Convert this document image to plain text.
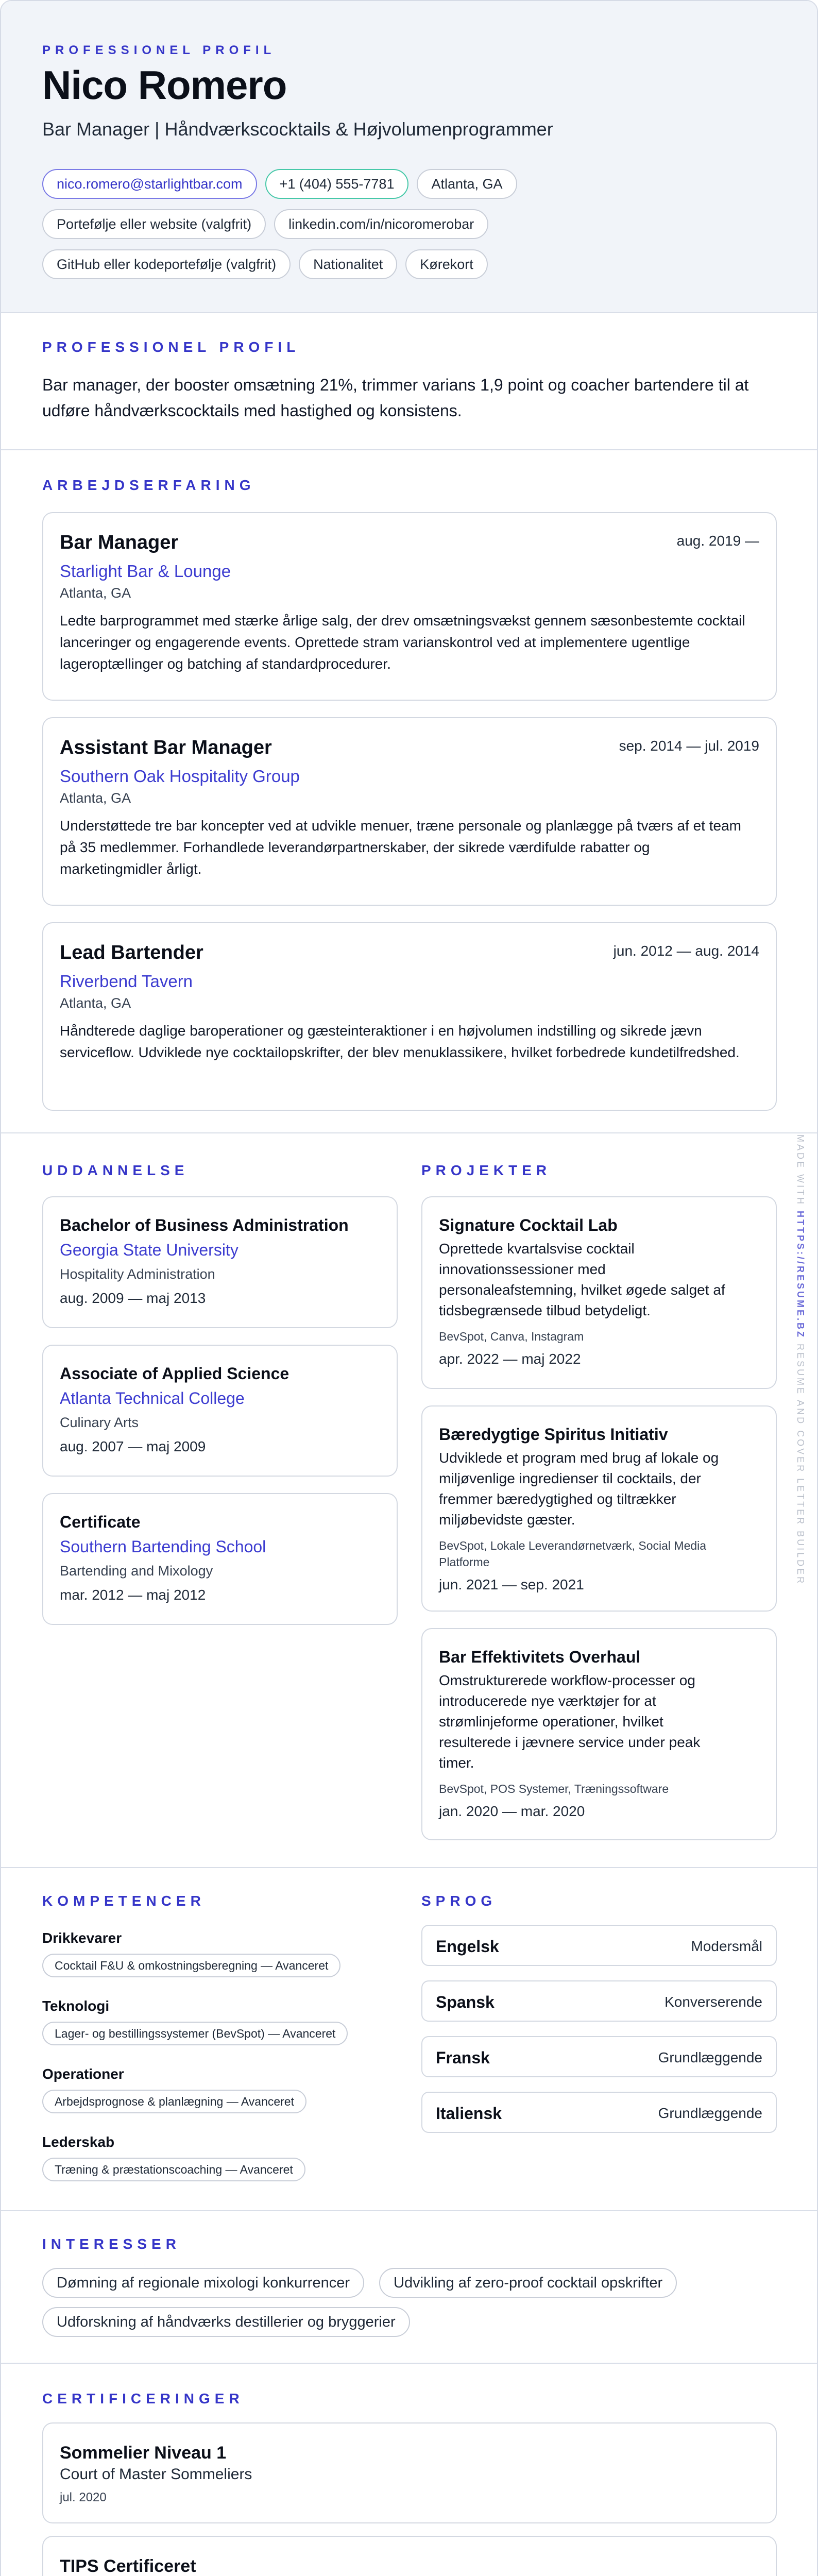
PROFESSIONEL PROFIL
Nico Romero
Bar Manager | Håndværkscocktails & Højvolumenprogrammer
nico.romero@starlightbar.com	+1 (404) 555-7781	Atlanta, GA
Portefølje eller website (valgfrit)	linkedin.com/in/nicoromerobar
GitHub eller kodeportefølje (valgfrit)	Nationalitet	Kørekort
PROFESSIONEL PROFIL
Bar manager, der booster omsætning 21%, trimmer varians 1,9 point og coacher bartendere til at udføre håndværkscocktails med hastighed og konsistens.
ARBEJDSERFARING
Bar Manager	aug. 2019 —
Starlight Bar & Lounge
Atlanta, GA
Ledte barprogrammet med stærke årlige salg, der drev omsætningsvækst gennem sæsonbestemte cocktail lanceringer og engagerende events. Oprettede stram varianskontrol ved at implementere ugentlige lageroptællinger og batching af standardprocedurer.
Assistant Bar Manager	sep. 2014 — jul. 2019
Southern Oak Hospitality Group
Atlanta, GA
Understøttede tre bar koncepter ved at udvikle menuer, træne personale og planlægge på tværs af et team på 35 medlemmer. Forhandlede leverandørpartnerskaber, der sikrede værdifulde rabatter og marketingmidler årligt.
Lead Bartender	jun. 2012 — aug. 2014
Riverbend Tavern
Atlanta, GA
Håndterede daglige baroperationer og gæsteinteraktioner i en højvolumen indstilling og sikrede jævn serviceflow. Udviklede nye cocktailopskrifter, der blev menuklassikere, hvilket forbedrede kundetilfredshed.
UDDANNELSE
Bachelor of Business Administration
Georgia State University
Hospitality Administration
aug. 2009 — maj 2013
Associate of Applied Science
Atlanta Technical College
Culinary Arts
aug. 2007 — maj 2009
Certificate
Southern Bartending School
Bartending and Mixology
mar. 2012 — maj 2012
PROJEKTER
Signature Cocktail Lab
Oprettede kvartalsvise cocktail
innovationssessioner med
personaleafstemning, hvilket øgede salget af
tidsbegrænsede tilbud betydeligt.
BevSpot, Canva, Instagram
apr. 2022 — maj 2022
Bæredygtige Spiritus Initiativ
Udviklede et program med brug af lokale og
miljøvenlige ingredienser til cocktails, der
fremmer bæredygtighed og tiltrækker
miljøbevidste gæster.
BevSpot, Lokale Leverandørnetværk, Social Media
Platforme
jun. 2021 — sep. 2021
Bar Effektivitets Overhaul
Omstrukturerede workflow-processer og
introducerede nye værktøjer for at
strømlinjeforme operationer, hvilket
resulterede i jævnere service under peak
timer.
BevSpot, POS Systemer, Træningssoftware
jan. 2020 — mar. 2020
KOMPETENCER
Drikkevarer
Cocktail F&U & omkostningsberegning — Avanceret
Teknologi
Lager- og bestillingssystemer (BevSpot) — Avanceret
Operationer
Arbejdsprognose & planlægning — Avanceret
Lederskab
Træning & præstationscoaching — Avanceret
SPROG
Engelsk	Modersmål
Spansk	Konverserende
Fransk	Grundlæggende
Italiensk	Grundlæggende
INTERESSER
Dømning af regionale mixologi konkurrencer	Udvikling af zero-proof cocktail opskrifter
Udforskning af håndværks destillerier og bryggerier
CERTIFICERINGER
Sommelier Niveau 1
Court of Master Sommeliers
jul. 2020
TIPS Certificeret
MADE WITH HTTPS://RESUME.BZ RESUME AND COVER LETTER BUILDER
